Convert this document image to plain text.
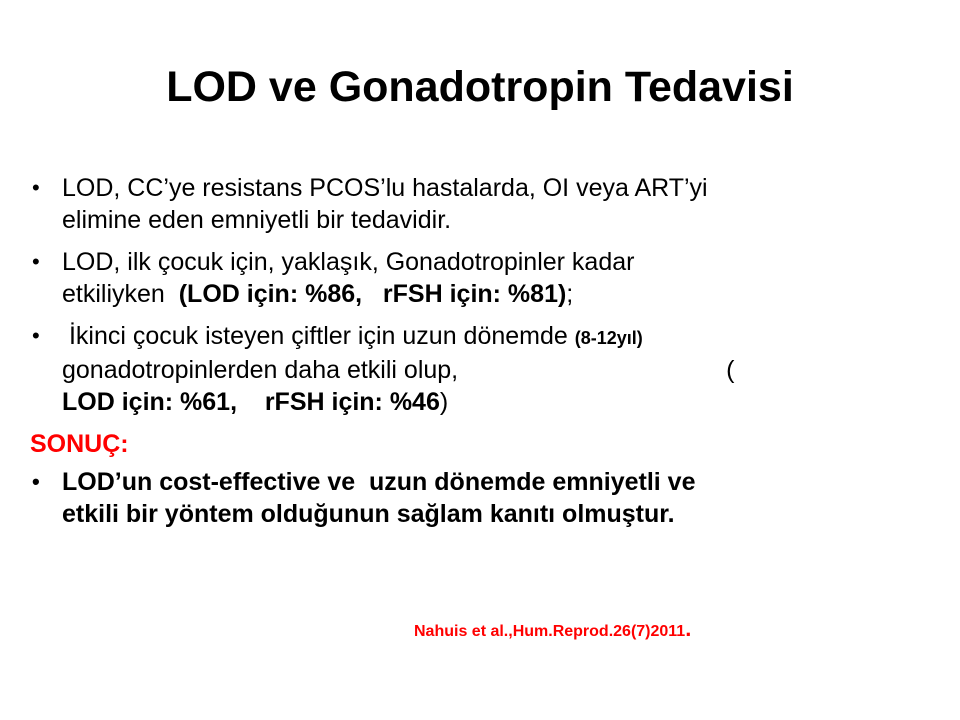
LOD ve Gonadotropin Tedavisi
• LOD, CC’ye resistans PCOS’lu hastalarda, OI veya ART’yi
elimine eden emniyetli bir tedavidir.
• LOD, ilk çocuk için, yaklaşık, Gonadotropinler kadar
etkiliyken  (LOD için: %86,   rFSH için: %81);
• İkinci çocuk isteyen çiftler için uzun dönemde (8-12yıl)
gonadotropinlerden daha etkili olup,	(
LOD için: %61,    rFSH için: %46)
SONUÇ:
• LOD’un cost-effective ve  uzun dönemde emniyetli ve
etkili bir yöntem olduğunun sağlam kanıtı olmuştur.
Nahuis et al.,Hum.Reprod.26(7)2011.
